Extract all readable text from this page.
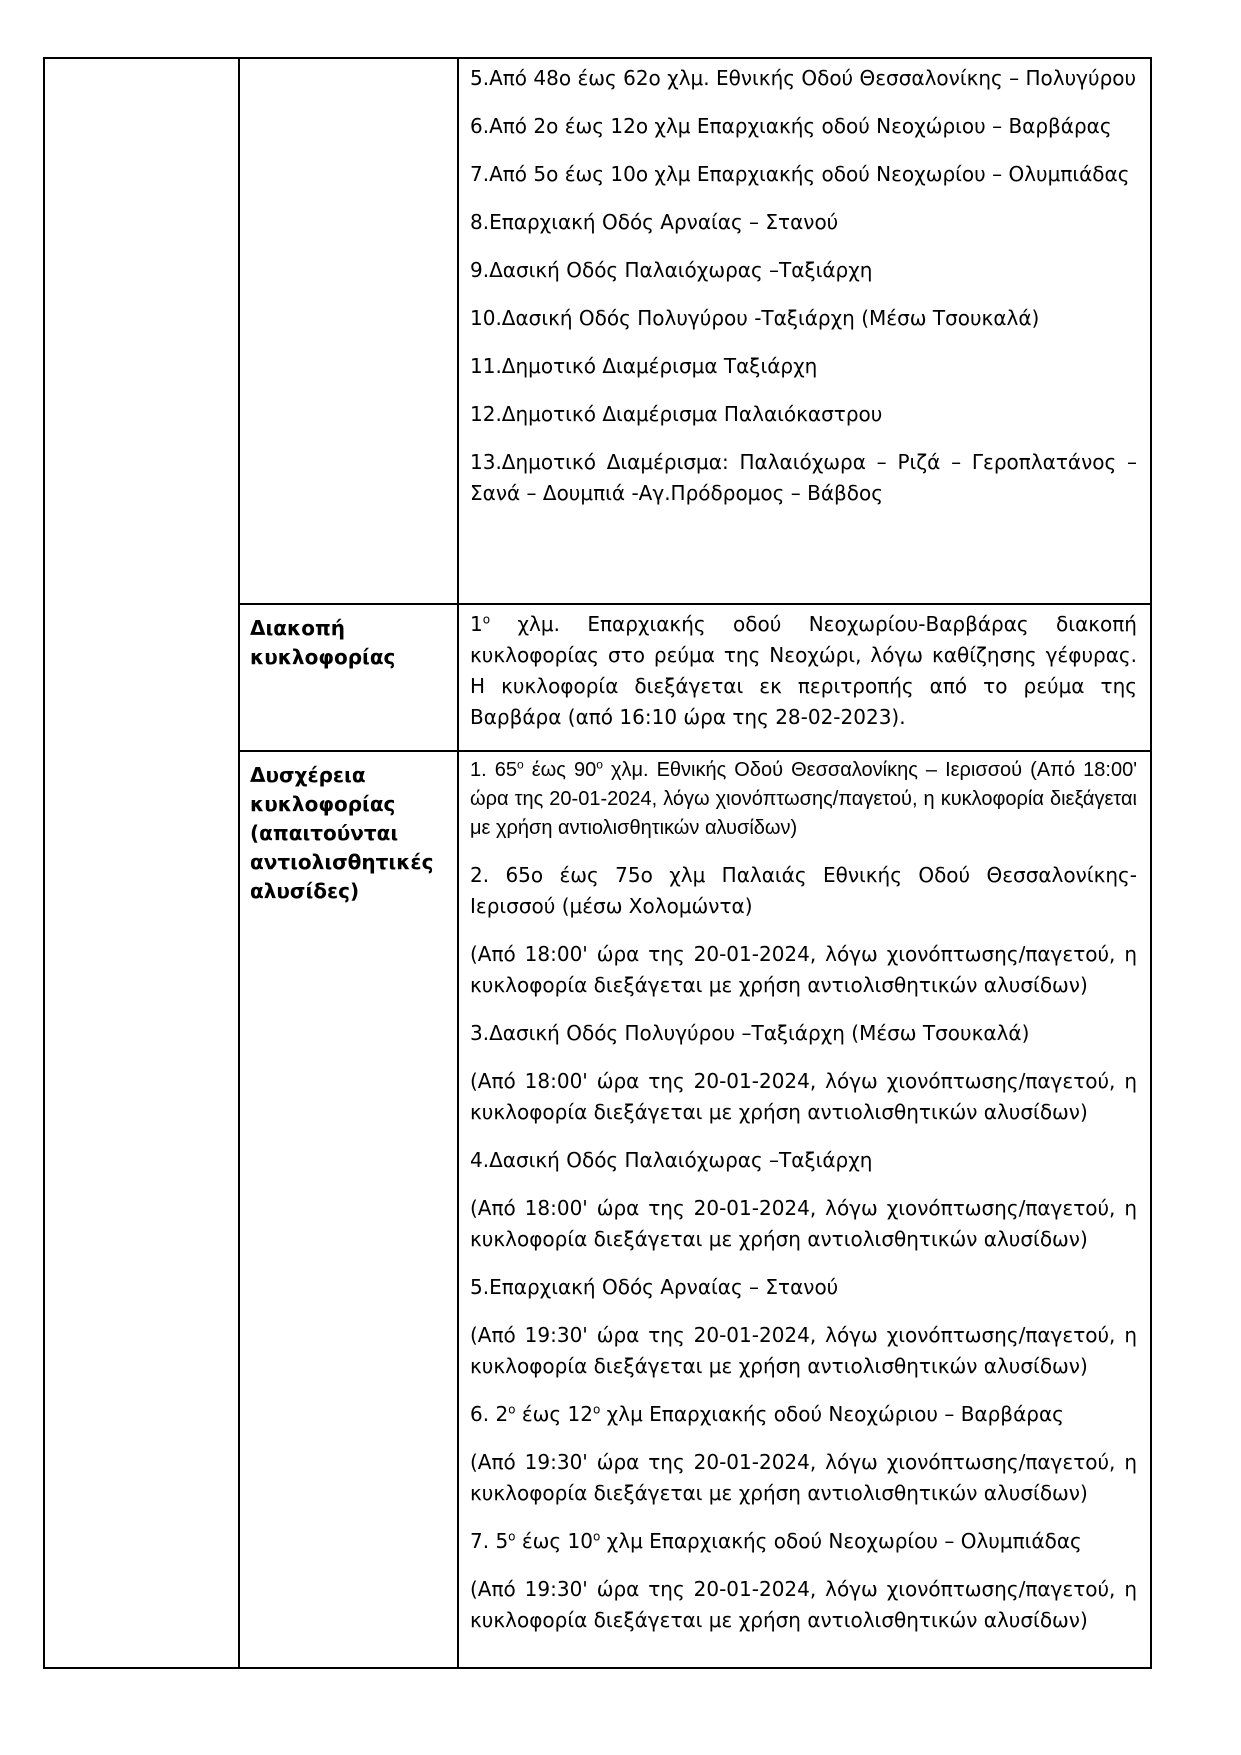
5.Από 48ο έως 62ο χλμ. Εθνικής Οδού Θεσσαλονίκης – Πολυγύρου

6.Από 2ο έως 12ο χλμ Επαρχιακής οδού Νεοχώριου – Βαρβάρας

7.Από 5ο έως 10ο χλμ Επαρχιακής οδού Νεοχωρίου – Ολυμπιάδας

8.Επαρχιακή Οδός Αρναίας – Στανού

9.Δασική Οδός Παλαιόχωρας –Ταξιάρχη

10.Δασική Οδός Πολυγύρου -Ταξιάρχη (Μέσω Τσουκαλά)

11.Δημοτικό Διαμέρισμα Ταξιάρχη

12.Δημοτικό Διαμέρισμα Παλαιόκαστρου

13.Δημοτικό Διαμέρισμα: Παλαιόχωρα – Ριζά – Γεροπλατάνος – Σανά – Δουμπιά -Αγ.Πρόδρομος – Βάβδος

Διακοπή κυκλοφορίας

$1^o$ χλμ. Επαρχιακής οδού Νεοχωρίου-Βαρβάρας διακοπή κυκλοφορίας στο ρεύμα της Νεοχώρι, λόγω καθίζησης γέφυρας. Η κυκλοφορία διεξάγεται εκ περιτροπής από το ρεύμα της Βαρβάρα (από 16:10 ώρα της 28-02-2023).

Δυσχέρεια κυκλοφορίας (απαιτούνται αντιολισθητικές αλυσίδες)

1. $65^o$ έως $90^o$ χλμ. Εθνικής Οδού Θεσσαλονίκης – Ιερισσού (Από 18:00' ώρα της 20-01-2024, λόγω χιονόπτωσης/παγετού, η κυκλοφορία διεξάγεται με χρήση αντιολισθητικών αλυσίδων)

2. 65ο έως 75ο χλμ Παλαιάς Εθνικής Οδού Θεσσαλονίκης-Ιερισσού (μέσω Χολομώντα)

(Από 18:00' ώρα της 20-01-2024, λόγω χιονόπτωσης/παγετού, η κυκλοφορία διεξάγεται με χρήση αντιολισθητικών αλυσίδων)

3.Δασική Οδός Πολυγύρου –Ταξιάρχη (Μέσω Τσουκαλά)

(Από 18:00' ώρα της 20-01-2024, λόγω χιονόπτωσης/παγετού, η κυκλοφορία διεξάγεται με χρήση αντιολισθητικών αλυσίδων)

4.Δασική Οδός Παλαιόχωρας –Ταξιάρχη

(Από 18:00' ώρα της 20-01-2024, λόγω χιονόπτωσης/παγετού, η κυκλοφορία διεξάγεται με χρήση αντιολισθητικών αλυσίδων)

5.Επαρχιακή Οδός Αρναίας – Στανού

(Από 19:30' ώρα της 20-01-2024, λόγω χιονόπτωσης/παγετού, η κυκλοφορία διεξάγεται με χρήση αντιολισθητικών αλυσίδων)

6. $2^o$ έως $12^o$ χλμ Επαρχιακής οδού Νεοχώριου – Βαρβάρας

(Από 19:30' ώρα της 20-01-2024, λόγω χιονόπτωσης/παγετού, η κυκλοφορία διεξάγεται με χρήση αντιολισθητικών αλυσίδων)

7. $5^o$ έως $10^o$ χλμ Επαρχιακής οδού Νεοχωρίου – Ολυμπιάδας

(Από 19:30' ώρα της 20-01-2024, λόγω χιονόπτωσης/παγετού, η κυκλοφορία διεξάγεται με χρήση αντιολισθητικών αλυσίδων)
